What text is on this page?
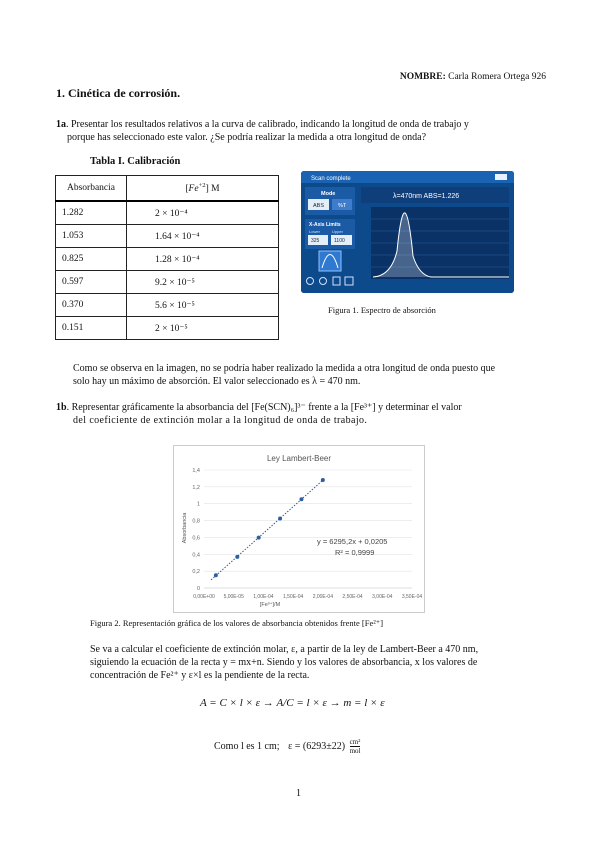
NOMBRE: Carla Romera Ortega 926
1. Cinética de corrosión.
1a. Presentar los resultados relativos a la curva de calibrado, indicando la longitud de onda de trabajo y
porque has seleccionado este valor. ¿Se podría realizar la medida a otra longitud de onda?
Tabla I. Calibración
Absorbancia	$[Fe^{+2}]$ M
1.282	2 × 10⁻⁴
1.053	1.64 × 10⁻⁴
0.825	1.28 × 10⁻⁴
0.597	9.2 × 10⁻⁵
0.370	5.6 × 10⁻⁵
0.151	2 × 10⁻⁵
Scan complete
Mode
ABS	%T
X-Axis Limits
Lower	Upper
325	1100
λ=470nm ABS=1.226
Figura 1. Espectro de absorción
Como se observa en la imagen, no se podría haber realizado la medida a otra longitud de onda puesto que
solo hay un máximo de absorción. El valor seleccionado es λ = 470 nm.
1b. Representar gráficamente la absorbancia del [Fe(SCN)₆]³⁻ frente a la [Fe³⁺] y determinar el valor
del coeficiente de extinción molar a la longitud de onda de trabajo.
Ley Lambert-Beer
0
0,2
0,4
0,6
0,8
1
1,2
1,4
0,00E+00 5,00E-05 1,00E-04 1,50E-04 2,00E-04 2,50E-04 3,00E-04 3,50E-04
y = 6295,2x + 0,0205
R² = 0,9999
Absorbancia
[Fe³⁺]/M
Figura 2. Representación gráfica de los valores de absorbancia obtenidos frente [Fe²⁺]
Se va a calcular el coeficiente de extinción molar, ε, a partir de la ley de Lambert-Beer a 470 nm,
siguiendo la ecuación de la recta y = mx+n. Siendo y los valores de absorbancia, x los valores de
concentración de Fe²⁺ y ε×l es la pendiente de la recta.
A = C × l × ε → A/C = l × ε → m = l × ε
Como l es 1 cm; ε = (6293±22) cm²
mol
1
